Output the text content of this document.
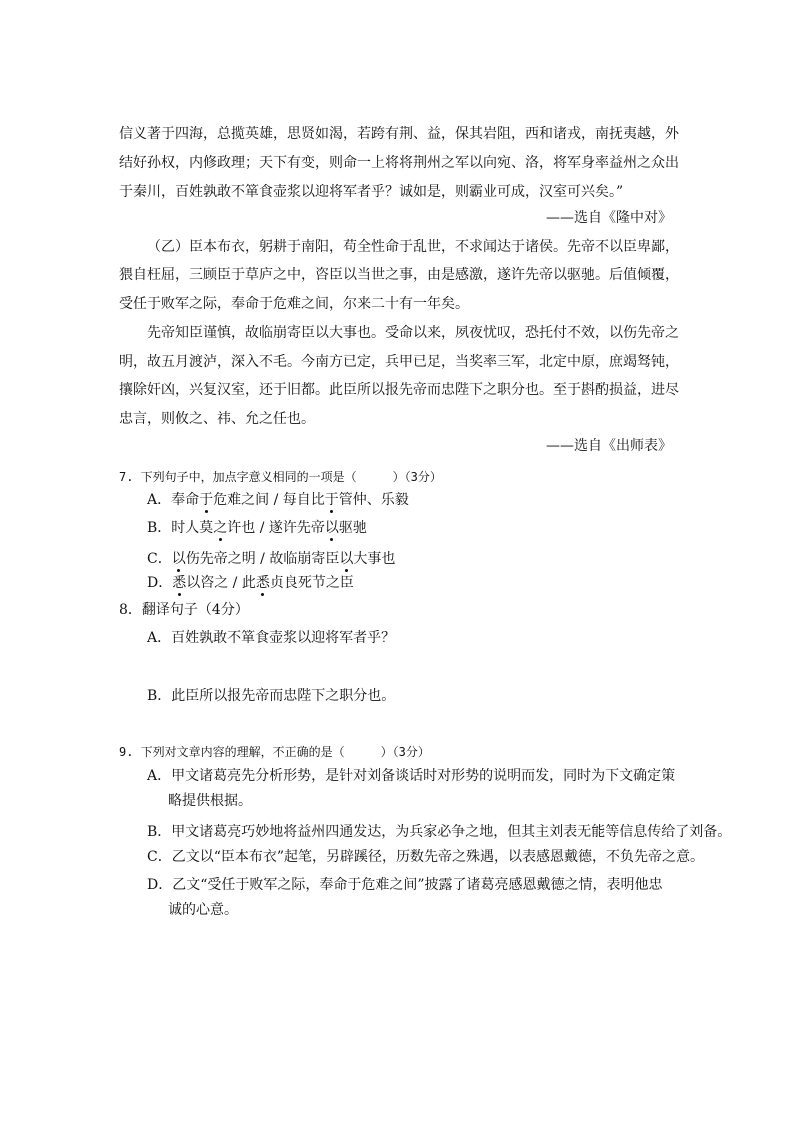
信义著于四海，总揽英雄，思贤如渴，若跨有荆、益，保其岩阻，西和诸戎，南抚夷越，外
结好孙权，内修政理；天下有变，则命一上将将荆州之军以向宛、洛，将军身率益州之众出
于秦川，百姓孰敢不箪食壶浆以迎将军者乎？诚如是，则霸业可成，汉室可兴矣。”
——选自《隆中对》
（乙）臣本布衣，躬耕于南阳，苟全性命于乱世，不求闻达于诸侯。先帝不以臣卑鄙，
猥自枉屈，三顾臣于草庐之中，咨臣以当世之事，由是感激，遂许先帝以驱驰。后值倾覆，
受任于败军之际，奉命于危难之间，尔来二十有一年矣。
先帝知臣谨慎，故临崩寄臣以大事也。受命以来，夙夜忧叹，恐托付不效，以伤先帝之
明，故五月渡泸，深入不毛。今南方已定，兵甲已足，当奖率三军，北定中原，庶竭驽钝，
攘除奸凶，兴复汉室，还于旧都。此臣所以报先帝而忠陛下之职分也。至于斟酌损益，进尽
忠言，则攸之、祎、允之任也。
——选自《出师表》
7. 下列句子中，加点字意义相同的一项是（　　　）（3分）
A．奉命于危难之间 / 每自比于管仲、乐毅
B．时人莫之许也 / 遂许先帝以驱驰
C．以伤先帝之明 / 故临崩寄臣以大事也
D．悉以咨之 / 此悉贞良死节之臣
8．翻译句子（4分）
A．百姓孰敢不箪食壶浆以迎将军者乎？
B．此臣所以报先帝而忠陛下之职分也。
9. 下列对文章内容的理解，不正确的是（　　　）（3分）
A．甲文诸葛亮先分析形势，是针对刘备谈话时对形势的说明而发，同时为下文确定策
略提供根据。
B．甲文诸葛亮巧妙地将益州四通发达，为兵家必争之地，但其主刘表无能等信息传给了刘备。
C．乙文以“臣本布衣”起笔，另辟蹊径，历数先帝之殊遇，以表感恩戴德，不负先帝之意。
D．乙文“受任于败军之际，奉命于危难之间”披露了诸葛亮感恩戴德之情，表明他忠
诚的心意。
